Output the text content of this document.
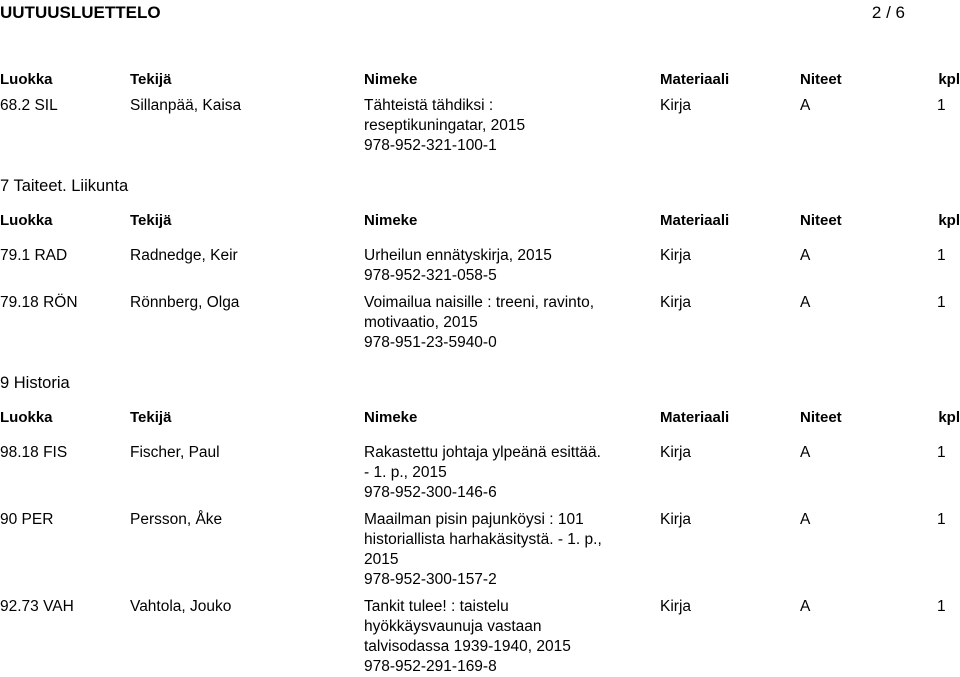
UUTUUSLUETTELO	2 / 6
Luokka	Tekijä	Nimeke	Materiaali	Niteet	kpl
68.2 SIL	Sillanpää, Kaisa	Tähteistä tähdiksi :
reseptikuningatar, 2015
978-952-321-100-1
Kirja	A	1
7 Taiteet. Liikunta
Luokka	Tekijä	Nimeke	Materiaali	Niteet	kpl
79.1 RAD	Radnedge, Keir	Urheilun ennätyskirja, 2015
978-952-321-058-5
Kirja	A	1
79.18 RÖN	Rönnberg, Olga	Voimailua naisille : treeni, ravinto,
motivaatio, 2015
978-951-23-5940-0
Kirja	A	1
9 Historia
Luokka	Tekijä	Nimeke	Materiaali	Niteet	kpl
98.18 FIS	Fischer, Paul	Rakastettu johtaja ylpeänä esittää.
- 1. p., 2015
978-952-300-146-6
Kirja	A	1
90 PER	Persson, Åke	Maailman pisin pajunköysi : 101
historiallista harhakäsitystä. - 1. p.,
2015
978-952-300-157-2
Kirja	A	1
92.73 VAH	Vahtola, Jouko	Tankit tulee! : taistelu
hyökkäysvaunuja vastaan
talvisodassa 1939-1940, 2015
978-952-291-169-8
Kirja	A	1
